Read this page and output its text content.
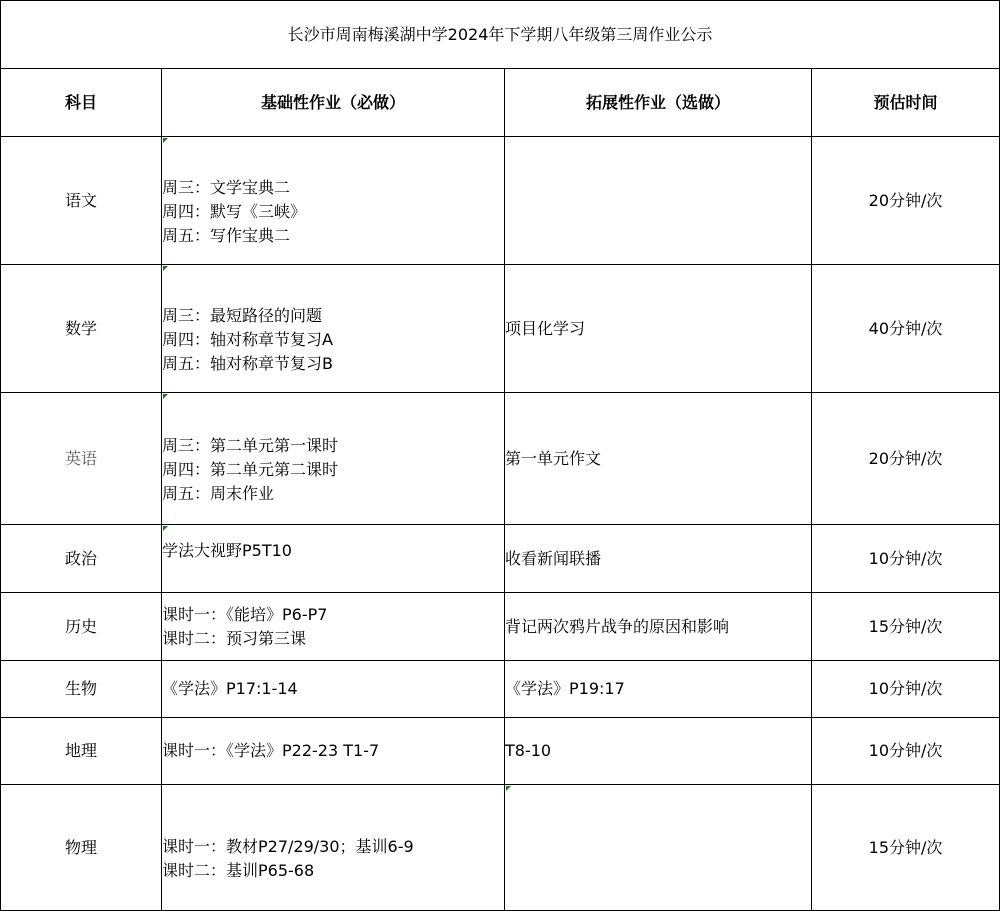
长沙市周南梅溪湖中学2024年下学期八年级第三周作业公示			
科目	基础性作业（必做）	拓展性作业（选做）	预估时间
语文	周三：文学宝典二
周四：默写《三峡》
周五：写作宝典二		20分钟/次
数学	周三：最短路径的问题
周四：轴对称章节复习A
周五：轴对称章节复习B	项目化学习	40分钟/次
英语	周三：第二单元第一课时
周四：第二单元第二课时
周五：周末作业	第一单元作文	20分钟/次
政治	学法大视野P5T10	收看新闻联播	10分钟/次
历史	课时一：《能培》P6-P7
课时二：预习第三课	背记两次鸦片战争的原因和影响	15分钟/次
生物	《学法》P17:1-14	《学法》P19:17	10分钟/次
地理	课时一：《学法》P22-23 T1-7	T8-10	10分钟/次
物理	课时一：教材P27/29/30；基训6-9
课时二：基训P65-68		15分钟/次
